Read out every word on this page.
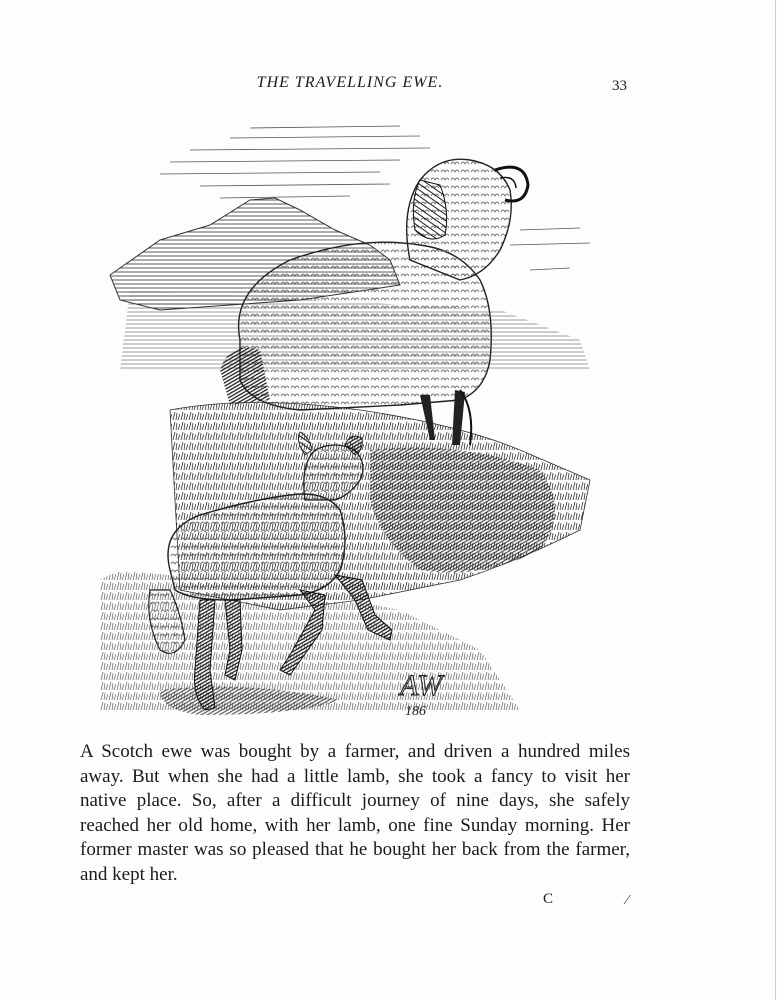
THE TRAVELLING EWE.	33
AW
186

A Scotch ewe was bought by a farmer, and driven a hundred miles away. But when she had a little lamb, she took a fancy to visit her native place. So, after a difficult journey of nine days, she safely reached her old home, with her lamb, one fine Sunday morning. Her former master was so pleased that he bought her back from the farmer, and kept her.

C	⁄
